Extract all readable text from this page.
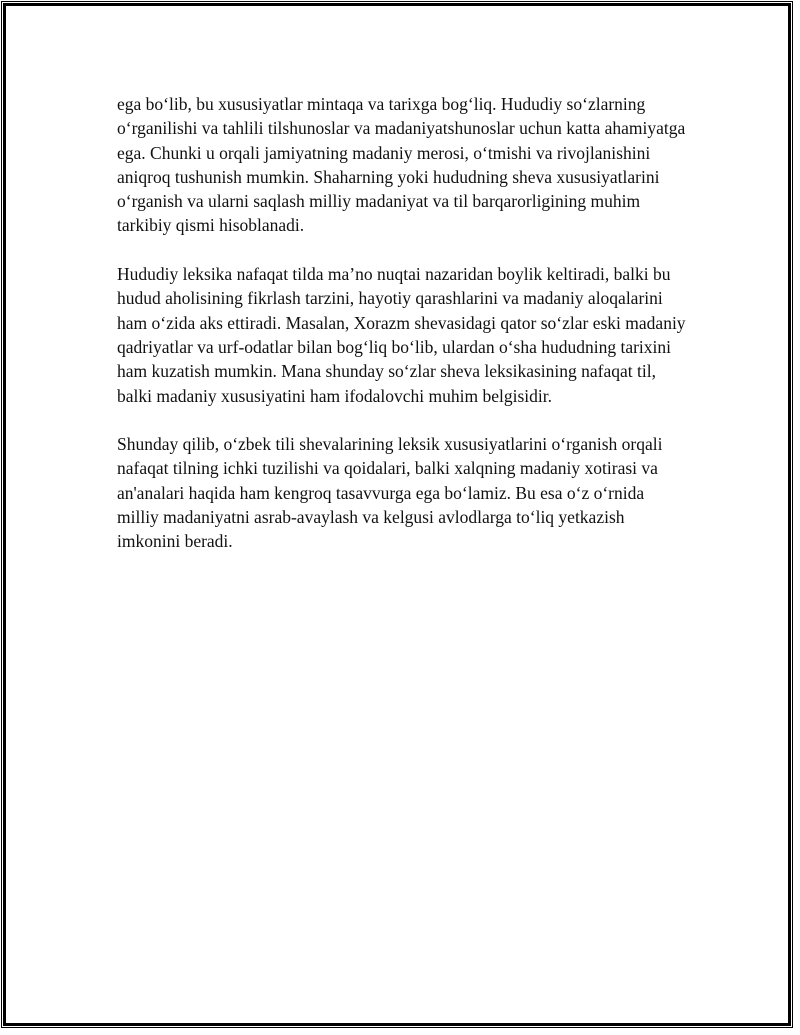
ega bo‘lib, bu xususiyatlar mintaqa va tarixga bog‘liq. Hududiy so‘zlarning o‘rganilishi va tahlili tilshunoslar va madaniyatshunoslar uchun katta ahamiyatga ega. Chunki u orqali jamiyatning madaniy merosi, o‘tmishi va rivojlanishini aniqroq tushunish mumkin. Shaharning yoki hududning sheva xususiyatlarini o‘rganish va ularni saqlash milliy madaniyat va til barqarorligining muhim tarkibiy qismi hisoblanadi.

Hududiy leksika nafaqat tilda ma’no nuqtai nazaridan boylik keltiradi, balki bu hudud aholisining fikrlash tarzini, hayotiy qarashlarini va madaniy aloqalarini ham o‘zida aks ettiradi. Masalan, Xorazm shevasidagi qator so‘zlar eski madaniy qadriyatlar va urf-odatlar bilan bog‘liq bo‘lib, ulardan o‘sha hududning tarixini ham kuzatish mumkin. Mana shunday so‘zlar sheva leksikasining nafaqat til, balki madaniy xususiyatini ham ifodalovchi muhim belgisidir.

Shunday qilib, o‘zbek tili shevalarining leksik xususiyatlarini o‘rganish orqali nafaqat tilning ichki tuzilishi va qoidalari, balki xalqning madaniy xotirasi va an'analari haqida ham kengroq tasavvurga ega bo‘lamiz. Bu esa o‘z o‘rnida milliy madaniyatni asrab-avaylash va kelgusi avlodlarga to‘liq yetkazish imkonini beradi.
